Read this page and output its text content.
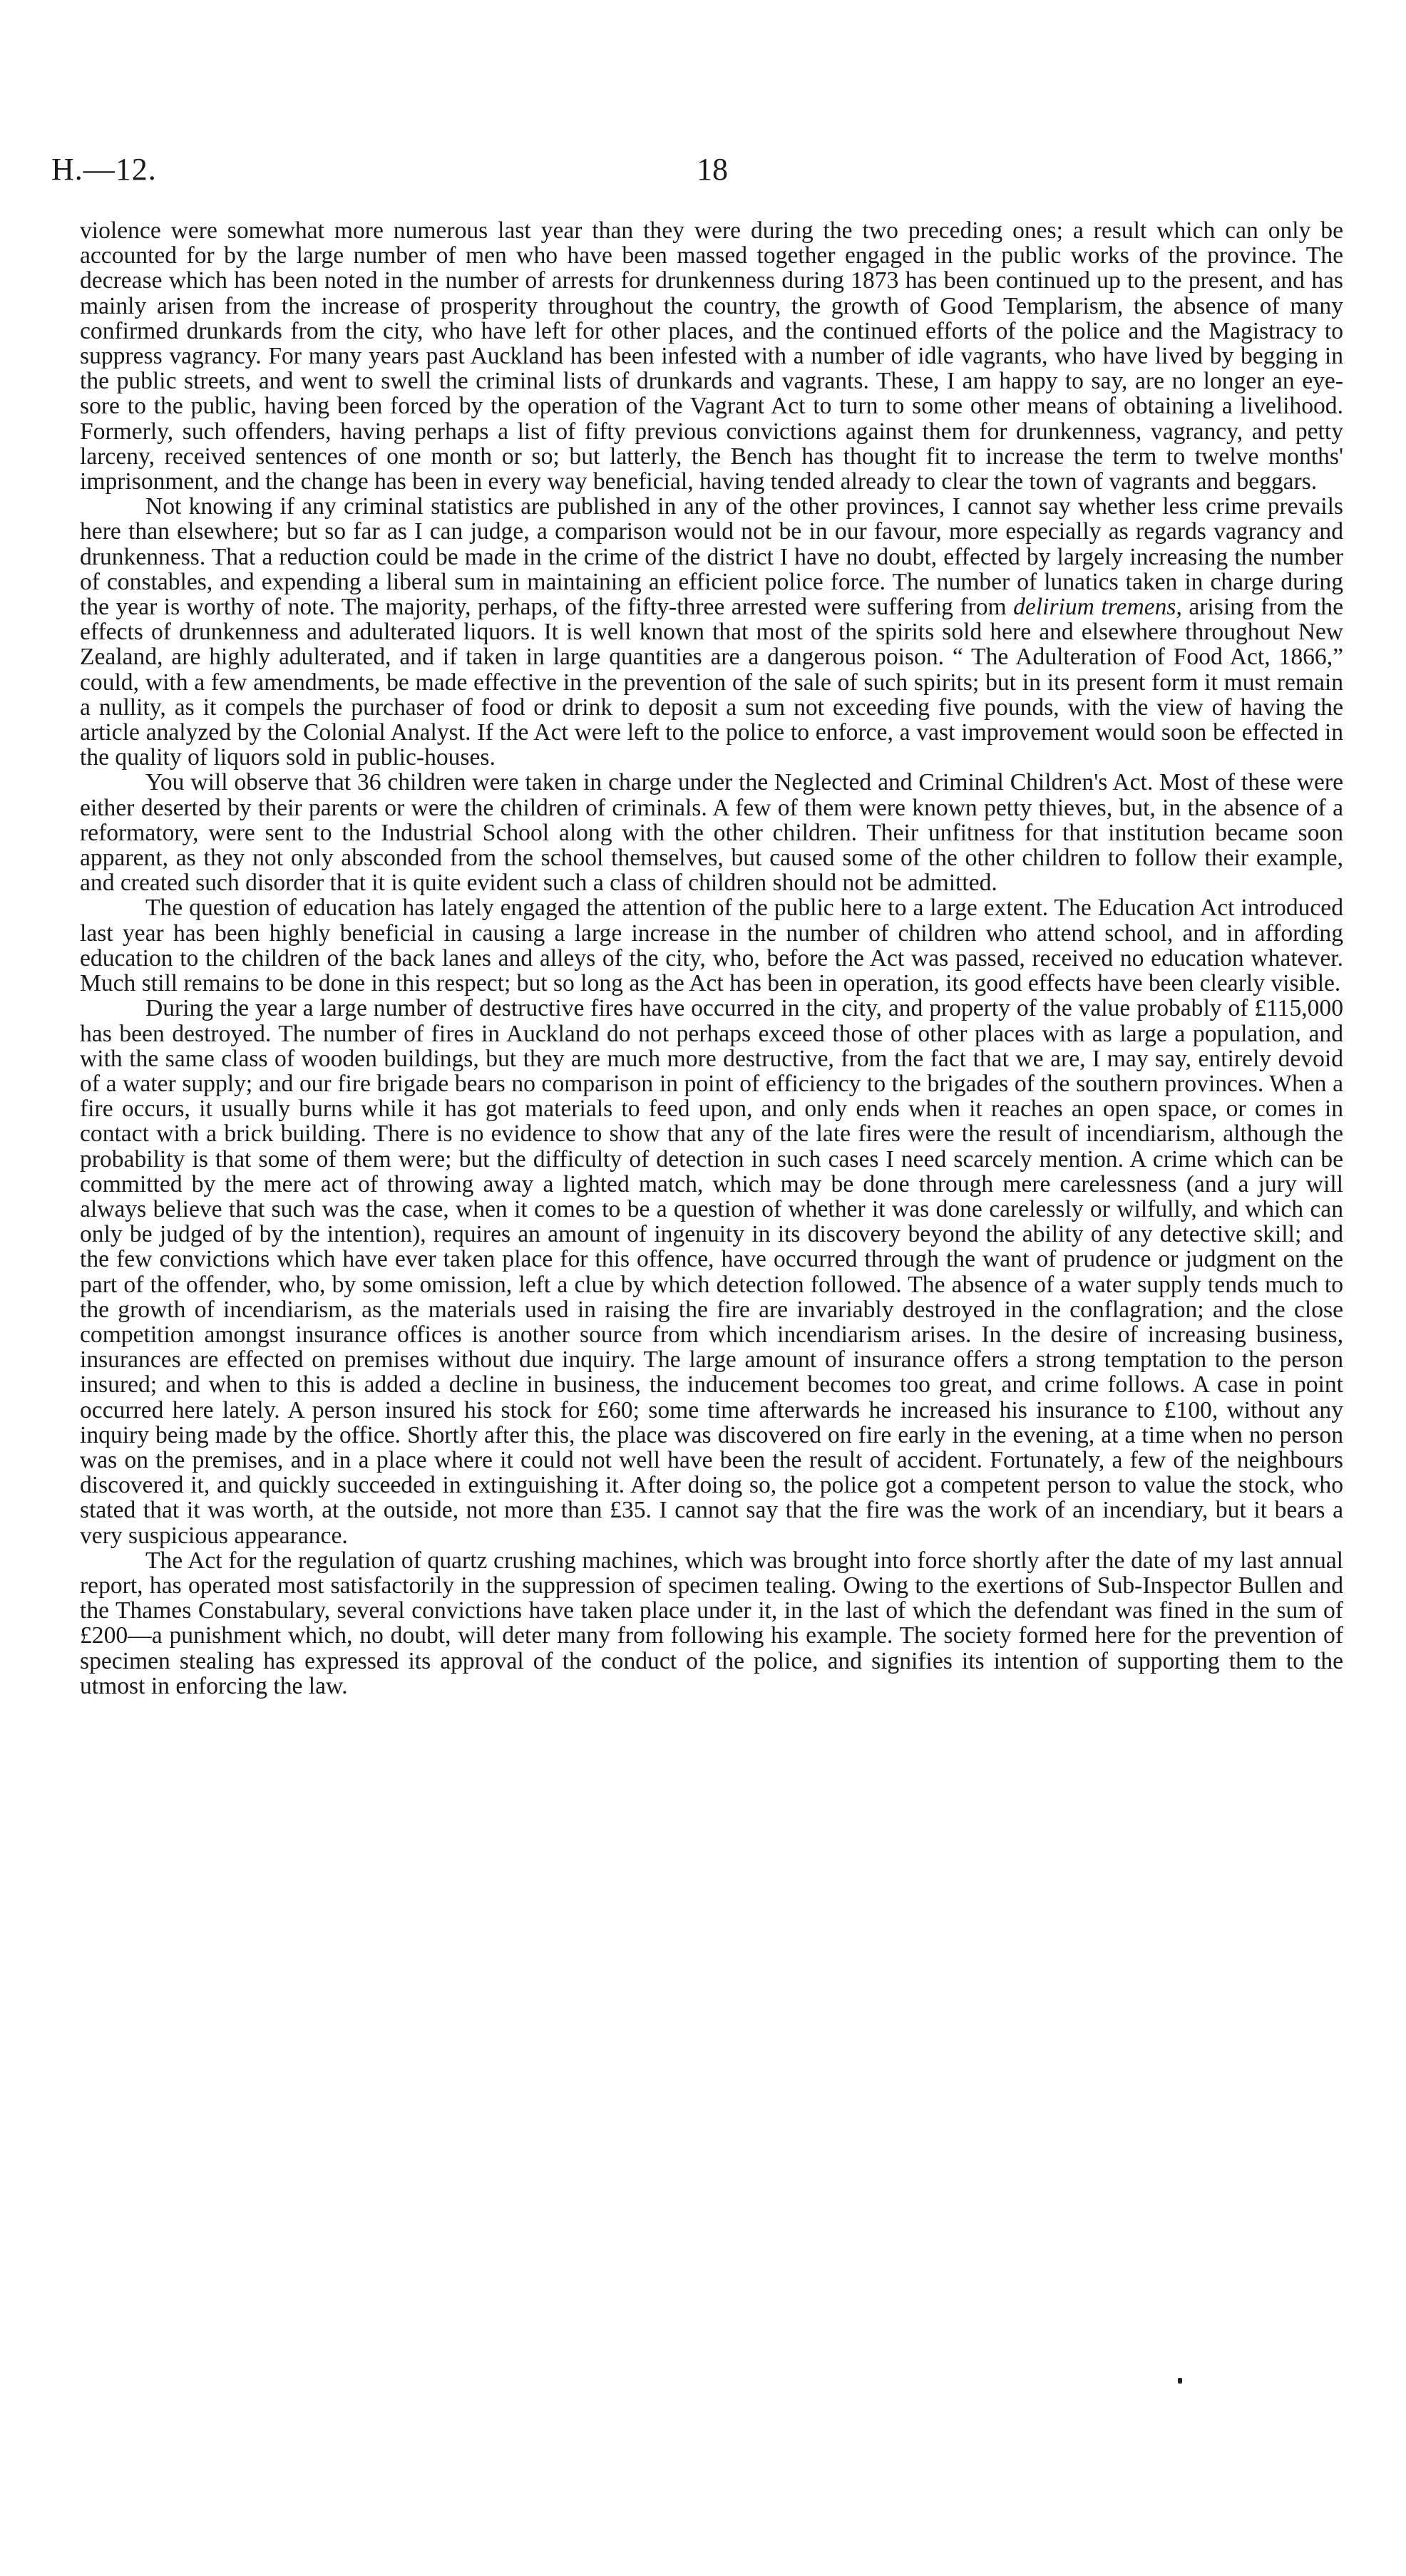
H.—12.	18

violence were somewhat more numerous last year than they were during the two preceding ones; a result which can only be accounted for by the large number of men who have been massed together engaged in the public works of the province. The decrease which has been noted in the number of arrests for drunkenness during 1873 has been continued up to the present, and has mainly arisen from the increase of prosperity throughout the country, the growth of Good Templarism, the absence of many confirmed drunkards from the city, who have left for other places, and the continued efforts of the police and the Magistracy to suppress vagrancy. For many years past Auckland has been infested with a number of idle vagrants, who have lived by begging in the public streets, and went to swell the criminal lists of drunkards and vagrants. These, I am happy to say, are no longer an eye-sore to the public, having been forced by the operation of the Vagrant Act to turn to some other means of obtaining a livelihood. Formerly, such offenders, having perhaps a list of fifty previous convictions against them for drunkenness, vagrancy, and petty larceny, received sentences of one month or so; but latterly, the Bench has thought fit to increase the term to twelve months' imprisonment, and the change has been in every way beneficial, having tended already to clear the town of vagrants and beggars.

Not knowing if any criminal statistics are published in any of the other provinces, I cannot say whether less crime prevails here than elsewhere; but so far as I can judge, a comparison would not be in our favour, more especially as regards vagrancy and drunkenness. That a reduction could be made in the crime of the district I have no doubt, effected by largely increasing the number of constables, and expending a liberal sum in maintaining an efficient police force. The number of lunatics taken in charge during the year is worthy of note. The majority, perhaps, of the fifty-three arrested were suffering from delirium tremens, arising from the effects of drunkenness and adulterated liquors. It is well known that most of the spirits sold here and elsewhere throughout New Zealand, are highly adulterated, and if taken in large quantities are a dangerous poison. “ The Adulteration of Food Act, 1866,” could, with a few amendments, be made effective in the prevention of the sale of such spirits; but in its present form it must remain a nullity, as it compels the purchaser of food or drink to deposit a sum not exceeding five pounds, with the view of having the article analyzed by the Colonial Analyst. If the Act were left to the police to enforce, a vast improvement would soon be effected in the quality of liquors sold in public-houses.

You will observe that 36 children were taken in charge under the Neglected and Criminal Children's Act. Most of these were either deserted by their parents or were the children of criminals. A few of them were known petty thieves, but, in the absence of a reformatory, were sent to the Industrial School along with the other children. Their unfitness for that institution became soon apparent, as they not only absconded from the school themselves, but caused some of the other children to follow their example, and created such disorder that it is quite evident such a class of children should not be admitted.

The question of education has lately engaged the attention of the public here to a large extent. The Education Act introduced last year has been highly beneficial in causing a large increase in the number of children who attend school, and in affording education to the children of the back lanes and alleys of the city, who, before the Act was passed, received no education whatever. Much still remains to be done in this respect; but so long as the Act has been in operation, its good effects have been clearly visible.

During the year a large number of destructive fires have occurred in the city, and property of the value probably of £115,000 has been destroyed. The number of fires in Auckland do not perhaps exceed those of other places with as large a population, and with the same class of wooden buildings, but they are much more destructive, from the fact that we are, I may say, entirely devoid of a water supply; and our fire brigade bears no comparison in point of efficiency to the brigades of the southern provinces. When a fire occurs, it usually burns while it has got materials to feed upon, and only ends when it reaches an open space, or comes in contact with a brick building. There is no evidence to show that any of the late fires were the result of incendiarism, although the probability is that some of them were; but the difficulty of detection in such cases I need scarcely mention. A crime which can be committed by the mere act of throwing away a lighted match, which may be done through mere carelessness (and a jury will always believe that such was the case, when it comes to be a question of whether it was done carelessly or wilfully, and which can only be judged of by the intention), requires an amount of ingenuity in its discovery beyond the ability of any detective skill; and the few convictions which have ever taken place for this offence, have occurred through the want of prudence or judgment on the part of the offender, who, by some omission, left a clue by which detection followed. The absence of a water supply tends much to the growth of incendiarism, as the materials used in raising the fire are invariably destroyed in the conflagration; and the close competition amongst insurance offices is another source from which incendiarism arises. In the desire of increasing business, insurances are effected on premises without due inquiry. The large amount of insurance offers a strong temptation to the person insured; and when to this is added a decline in business, the inducement becomes too great, and crime follows. A case in point occurred here lately. A person insured his stock for £60; some time afterwards he increased his insurance to £100, without any inquiry being made by the office. Shortly after this, the place was discovered on fire early in the evening, at a time when no person was on the premises, and in a place where it could not well have been the result of accident. Fortunately, a few of the neighbours discovered it, and quickly succeeded in extinguishing it. After doing so, the police got a competent person to value the stock, who stated that it was worth, at the outside, not more than £35. I cannot say that the fire was the work of an incendiary, but it bears a very suspicious appearance.

The Act for the regulation of quartz crushing machines, which was brought into force shortly after the date of my last annual report, has operated most satisfactorily in the suppression of specimen tealing. Owing to the exertions of Sub-Inspector Bullen and the Thames Constabulary, several convictions have taken place under it, in the last of which the defendant was fined in the sum of £200—a punishment which, no doubt, will deter many from following his example. The society formed here for the prevention of specimen stealing has expressed its approval of the conduct of the police, and signifies its intention of supporting them to the utmost in enforcing the law.
